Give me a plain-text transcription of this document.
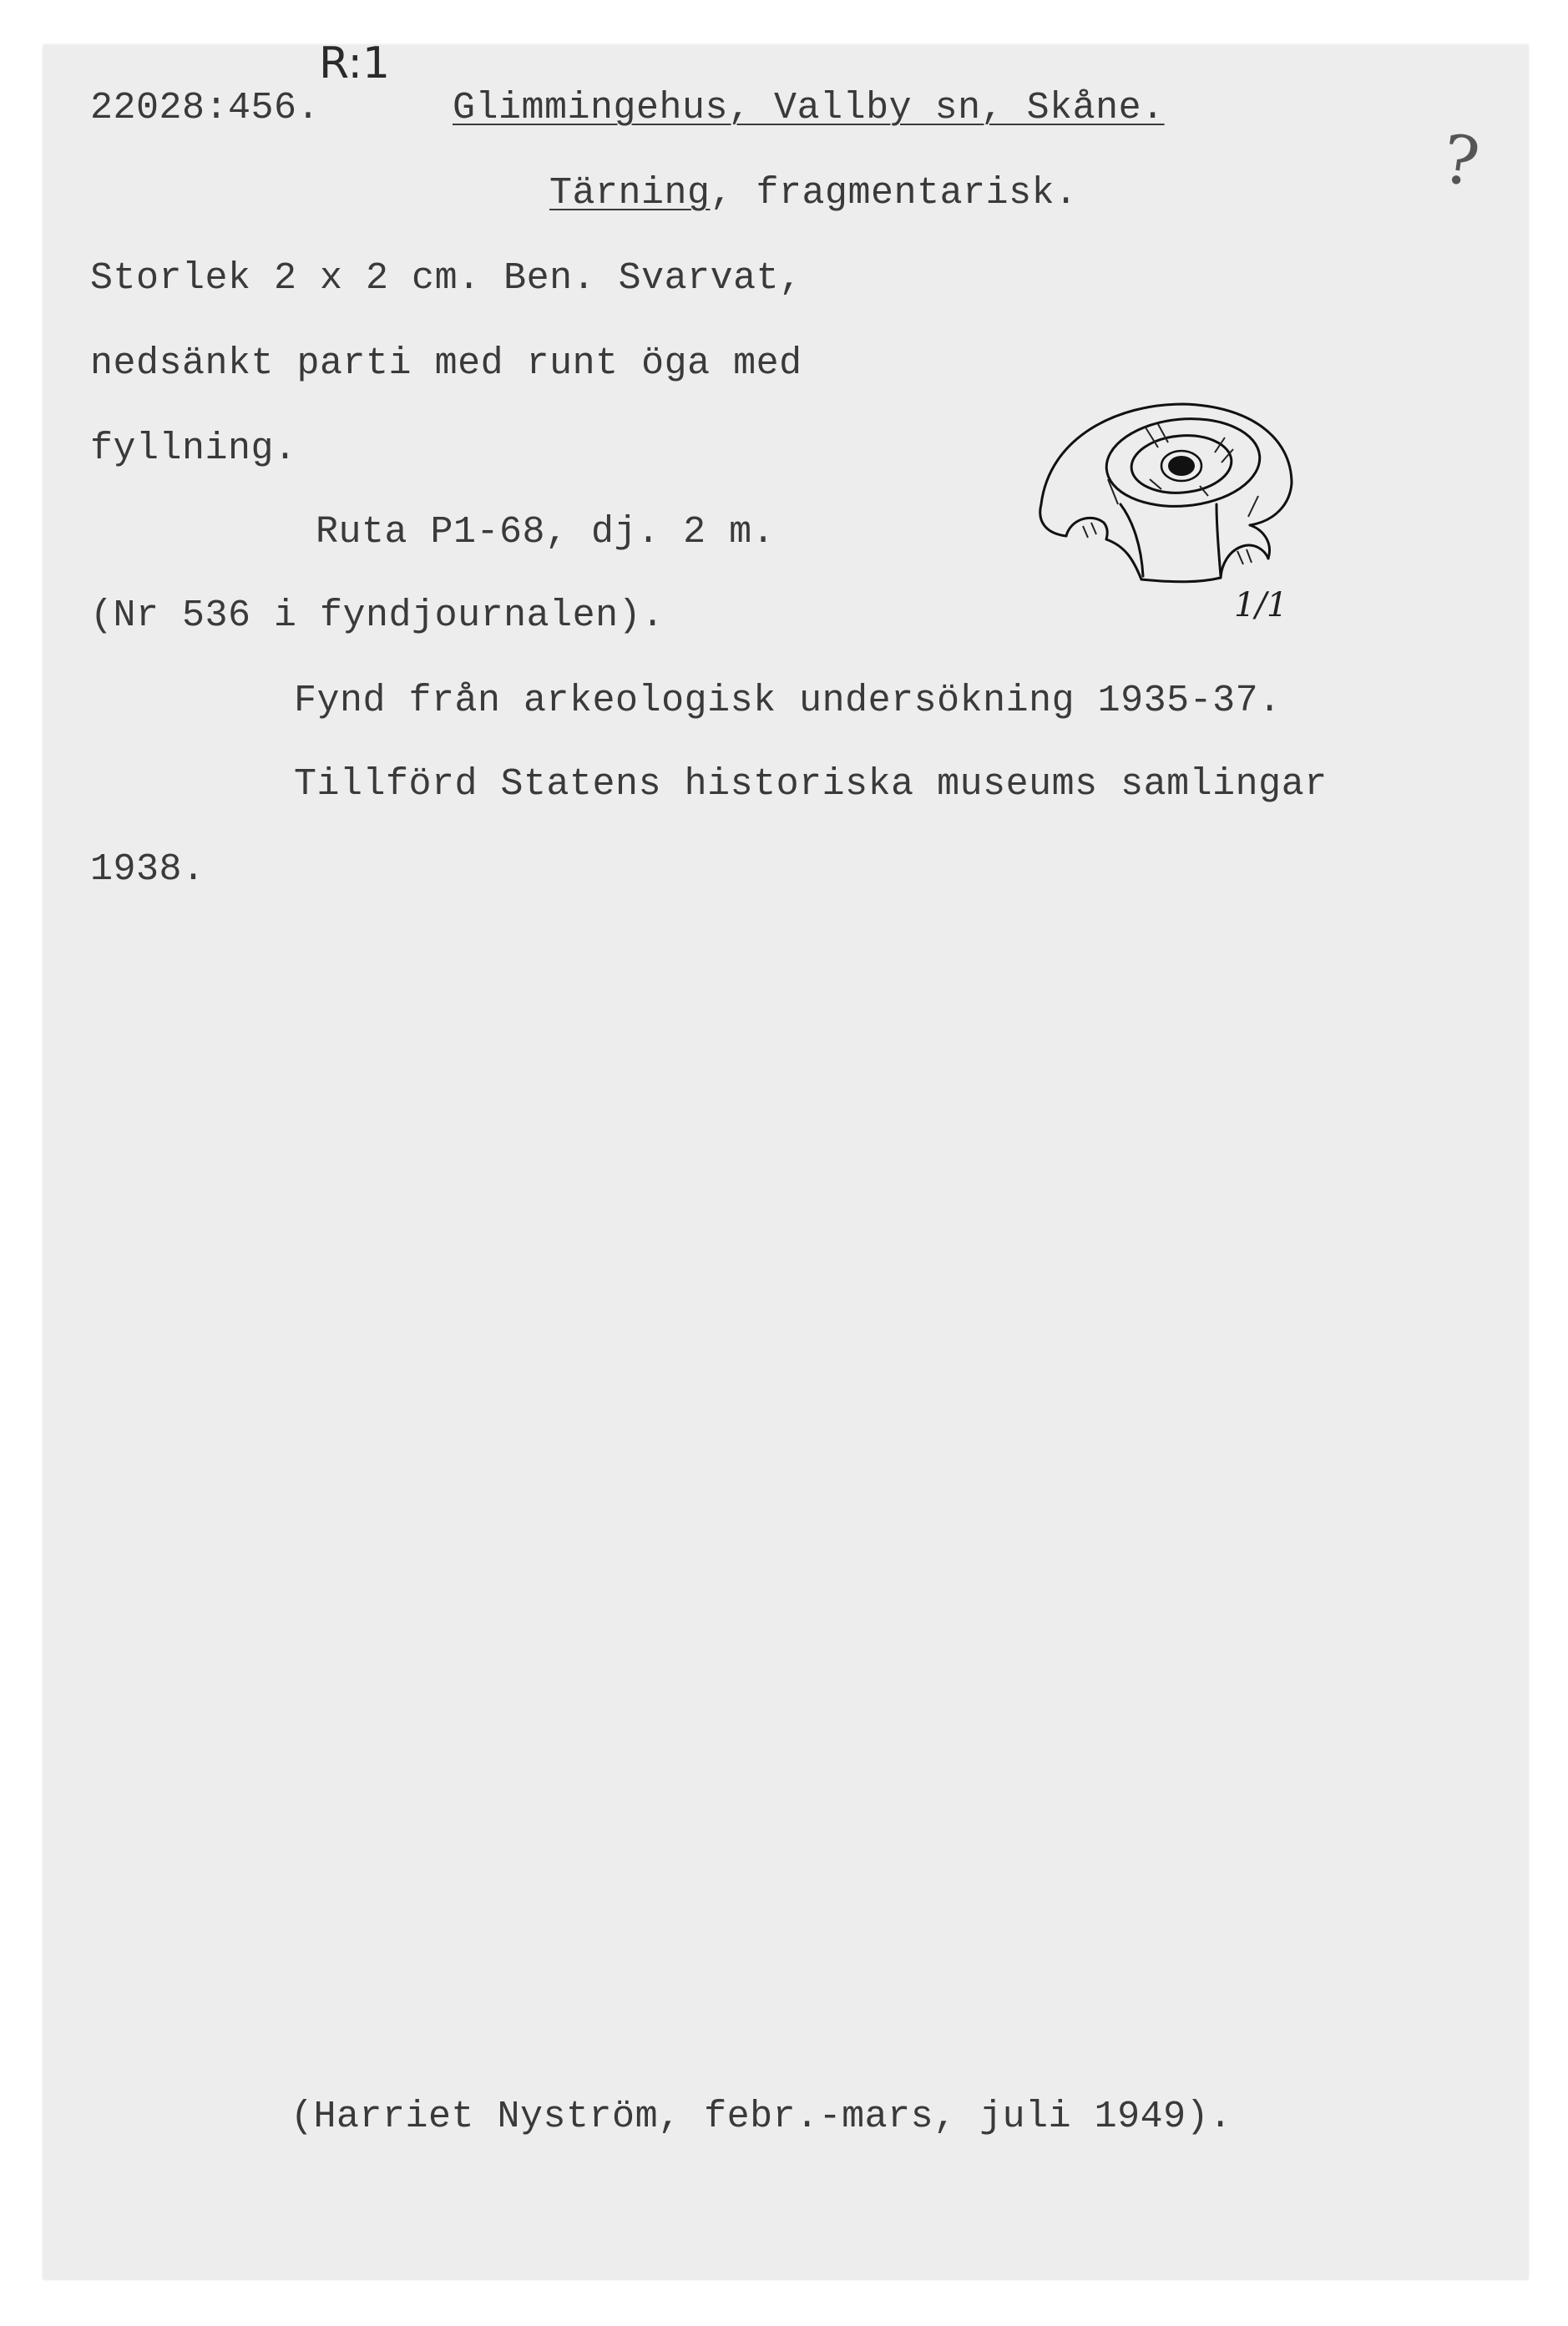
R:1
22028:456.	Glimmingehus, Vallby sn, Skåne.
Tärning, fragmentarisk.
Storlek 2 x 2 cm. Ben. Svarvat,
nedsänkt parti med runt öga med
fyllning.
Ruta P1-68, dj. 2 m.
(Nr 536 i fyndjournalen).
Fynd från arkeologisk undersökning 1935-37.
Tillförd Statens historiska museums samlingar
1938.
?
1/1
(Harriet Nyström, febr.-mars, juli 1949).
